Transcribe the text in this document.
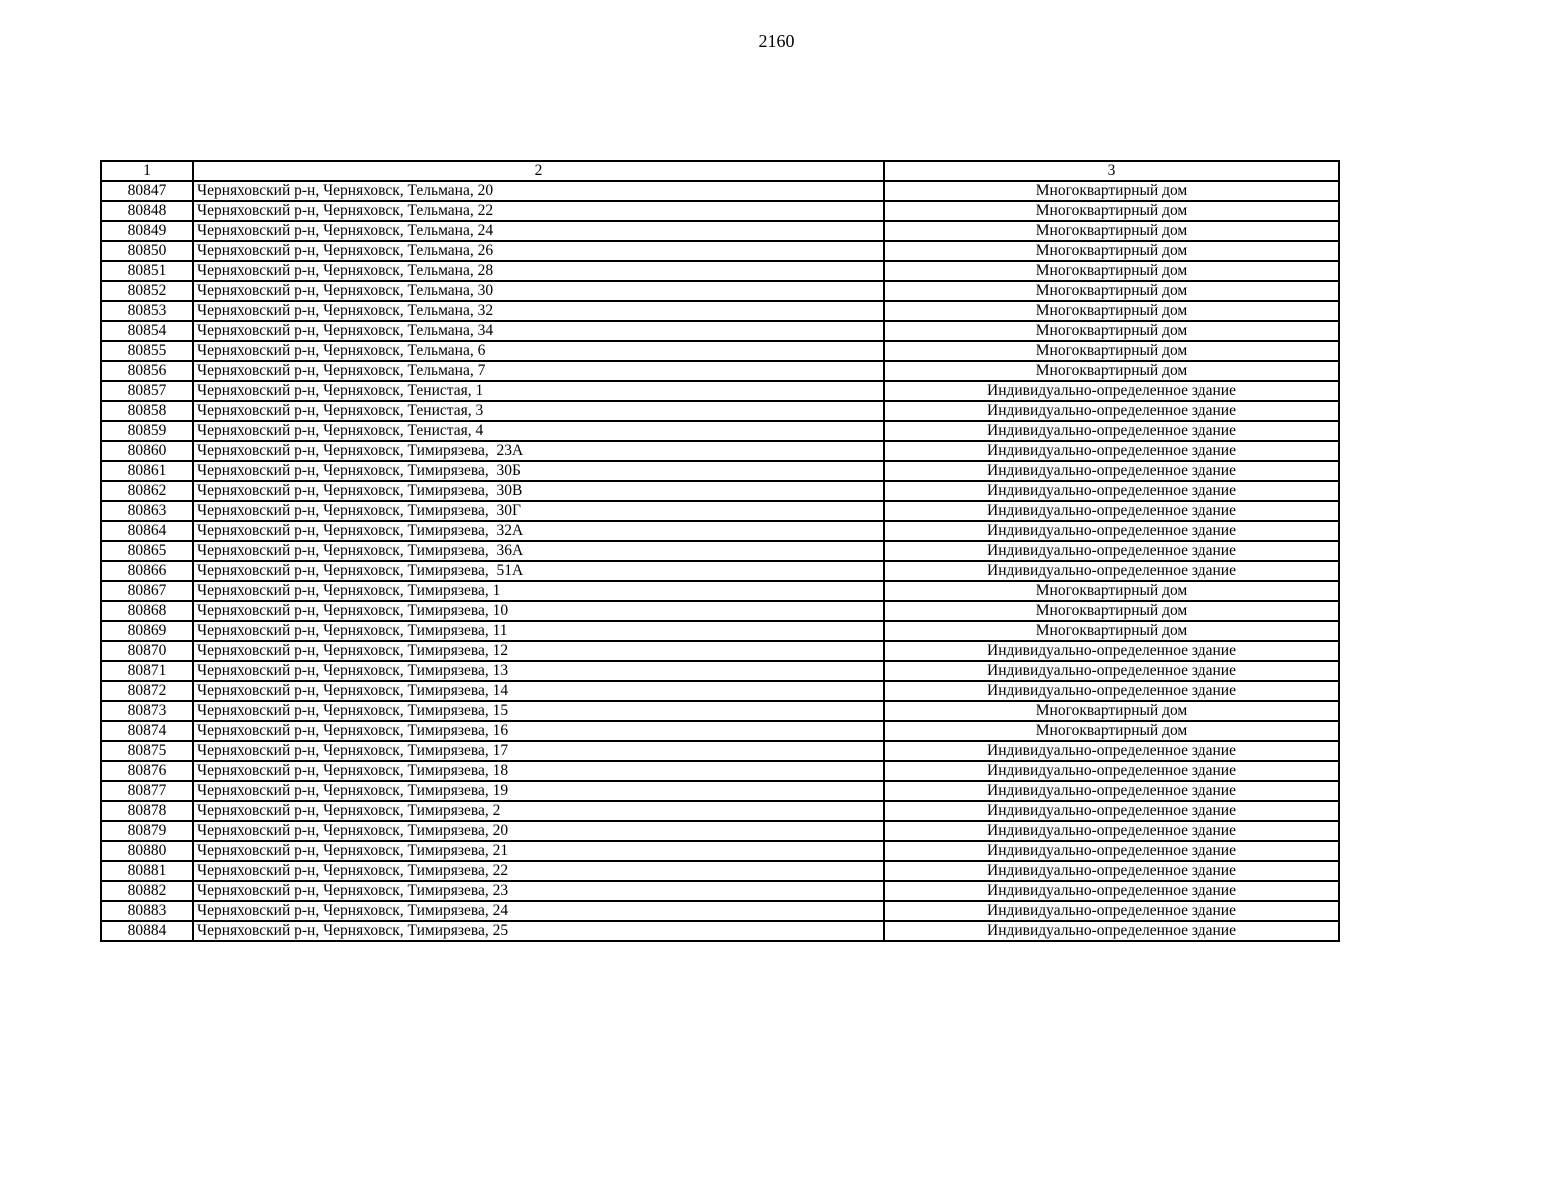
2160
1	2	3
80847	Черняховский р-н, Черняховск, Тельмана, 20	Многоквартирный дом
80848	Черняховский р-н, Черняховск, Тельмана, 22	Многоквартирный дом
80849	Черняховский р-н, Черняховск, Тельмана, 24	Многоквартирный дом
80850	Черняховский р-н, Черняховск, Тельмана, 26	Многоквартирный дом
80851	Черняховский р-н, Черняховск, Тельмана, 28	Многоквартирный дом
80852	Черняховский р-н, Черняховск, Тельмана, 30	Многоквартирный дом
80853	Черняховский р-н, Черняховск, Тельмана, 32	Многоквартирный дом
80854	Черняховский р-н, Черняховск, Тельмана, 34	Многоквартирный дом
80855	Черняховский р-н, Черняховск, Тельмана, 6	Многоквартирный дом
80856	Черняховский р-н, Черняховск, Тельмана, 7	Многоквартирный дом
80857	Черняховский р-н, Черняховск, Тенистая, 1	Индивидуально-определенное здание
80858	Черняховский р-н, Черняховск, Тенистая, 3	Индивидуально-определенное здание
80859	Черняховский р-н, Черняховск, Тенистая, 4	Индивидуально-определенное здание
80860	Черняховский р-н, Черняховск, Тимирязева,  23А	Индивидуально-определенное здание
80861	Черняховский р-н, Черняховск, Тимирязева,  30Б	Индивидуально-определенное здание
80862	Черняховский р-н, Черняховск, Тимирязева,  30В	Индивидуально-определенное здание
80863	Черняховский р-н, Черняховск, Тимирязева,  30Г	Индивидуально-определенное здание
80864	Черняховский р-н, Черняховск, Тимирязева,  32А	Индивидуально-определенное здание
80865	Черняховский р-н, Черняховск, Тимирязева,  36А	Индивидуально-определенное здание
80866	Черняховский р-н, Черняховск, Тимирязева,  51А	Индивидуально-определенное здание
80867	Черняховский р-н, Черняховск, Тимирязева, 1	Многоквартирный дом
80868	Черняховский р-н, Черняховск, Тимирязева, 10	Многоквартирный дом
80869	Черняховский р-н, Черняховск, Тимирязева, 11	Многоквартирный дом
80870	Черняховский р-н, Черняховск, Тимирязева, 12	Индивидуально-определенное здание
80871	Черняховский р-н, Черняховск, Тимирязева, 13	Индивидуально-определенное здание
80872	Черняховский р-н, Черняховск, Тимирязева, 14	Индивидуально-определенное здание
80873	Черняховский р-н, Черняховск, Тимирязева, 15	Многоквартирный дом
80874	Черняховский р-н, Черняховск, Тимирязева, 16	Многоквартирный дом
80875	Черняховский р-н, Черняховск, Тимирязева, 17	Индивидуально-определенное здание
80876	Черняховский р-н, Черняховск, Тимирязева, 18	Индивидуально-определенное здание
80877	Черняховский р-н, Черняховск, Тимирязева, 19	Индивидуально-определенное здание
80878	Черняховский р-н, Черняховск, Тимирязева, 2	Индивидуально-определенное здание
80879	Черняховский р-н, Черняховск, Тимирязева, 20	Индивидуально-определенное здание
80880	Черняховский р-н, Черняховск, Тимирязева, 21	Индивидуально-определенное здание
80881	Черняховский р-н, Черняховск, Тимирязева, 22	Индивидуально-определенное здание
80882	Черняховский р-н, Черняховск, Тимирязева, 23	Индивидуально-определенное здание
80883	Черняховский р-н, Черняховск, Тимирязева, 24	Индивидуально-определенное здание
80884	Черняховский р-н, Черняховск, Тимирязева, 25	Индивидуально-определенное здание
